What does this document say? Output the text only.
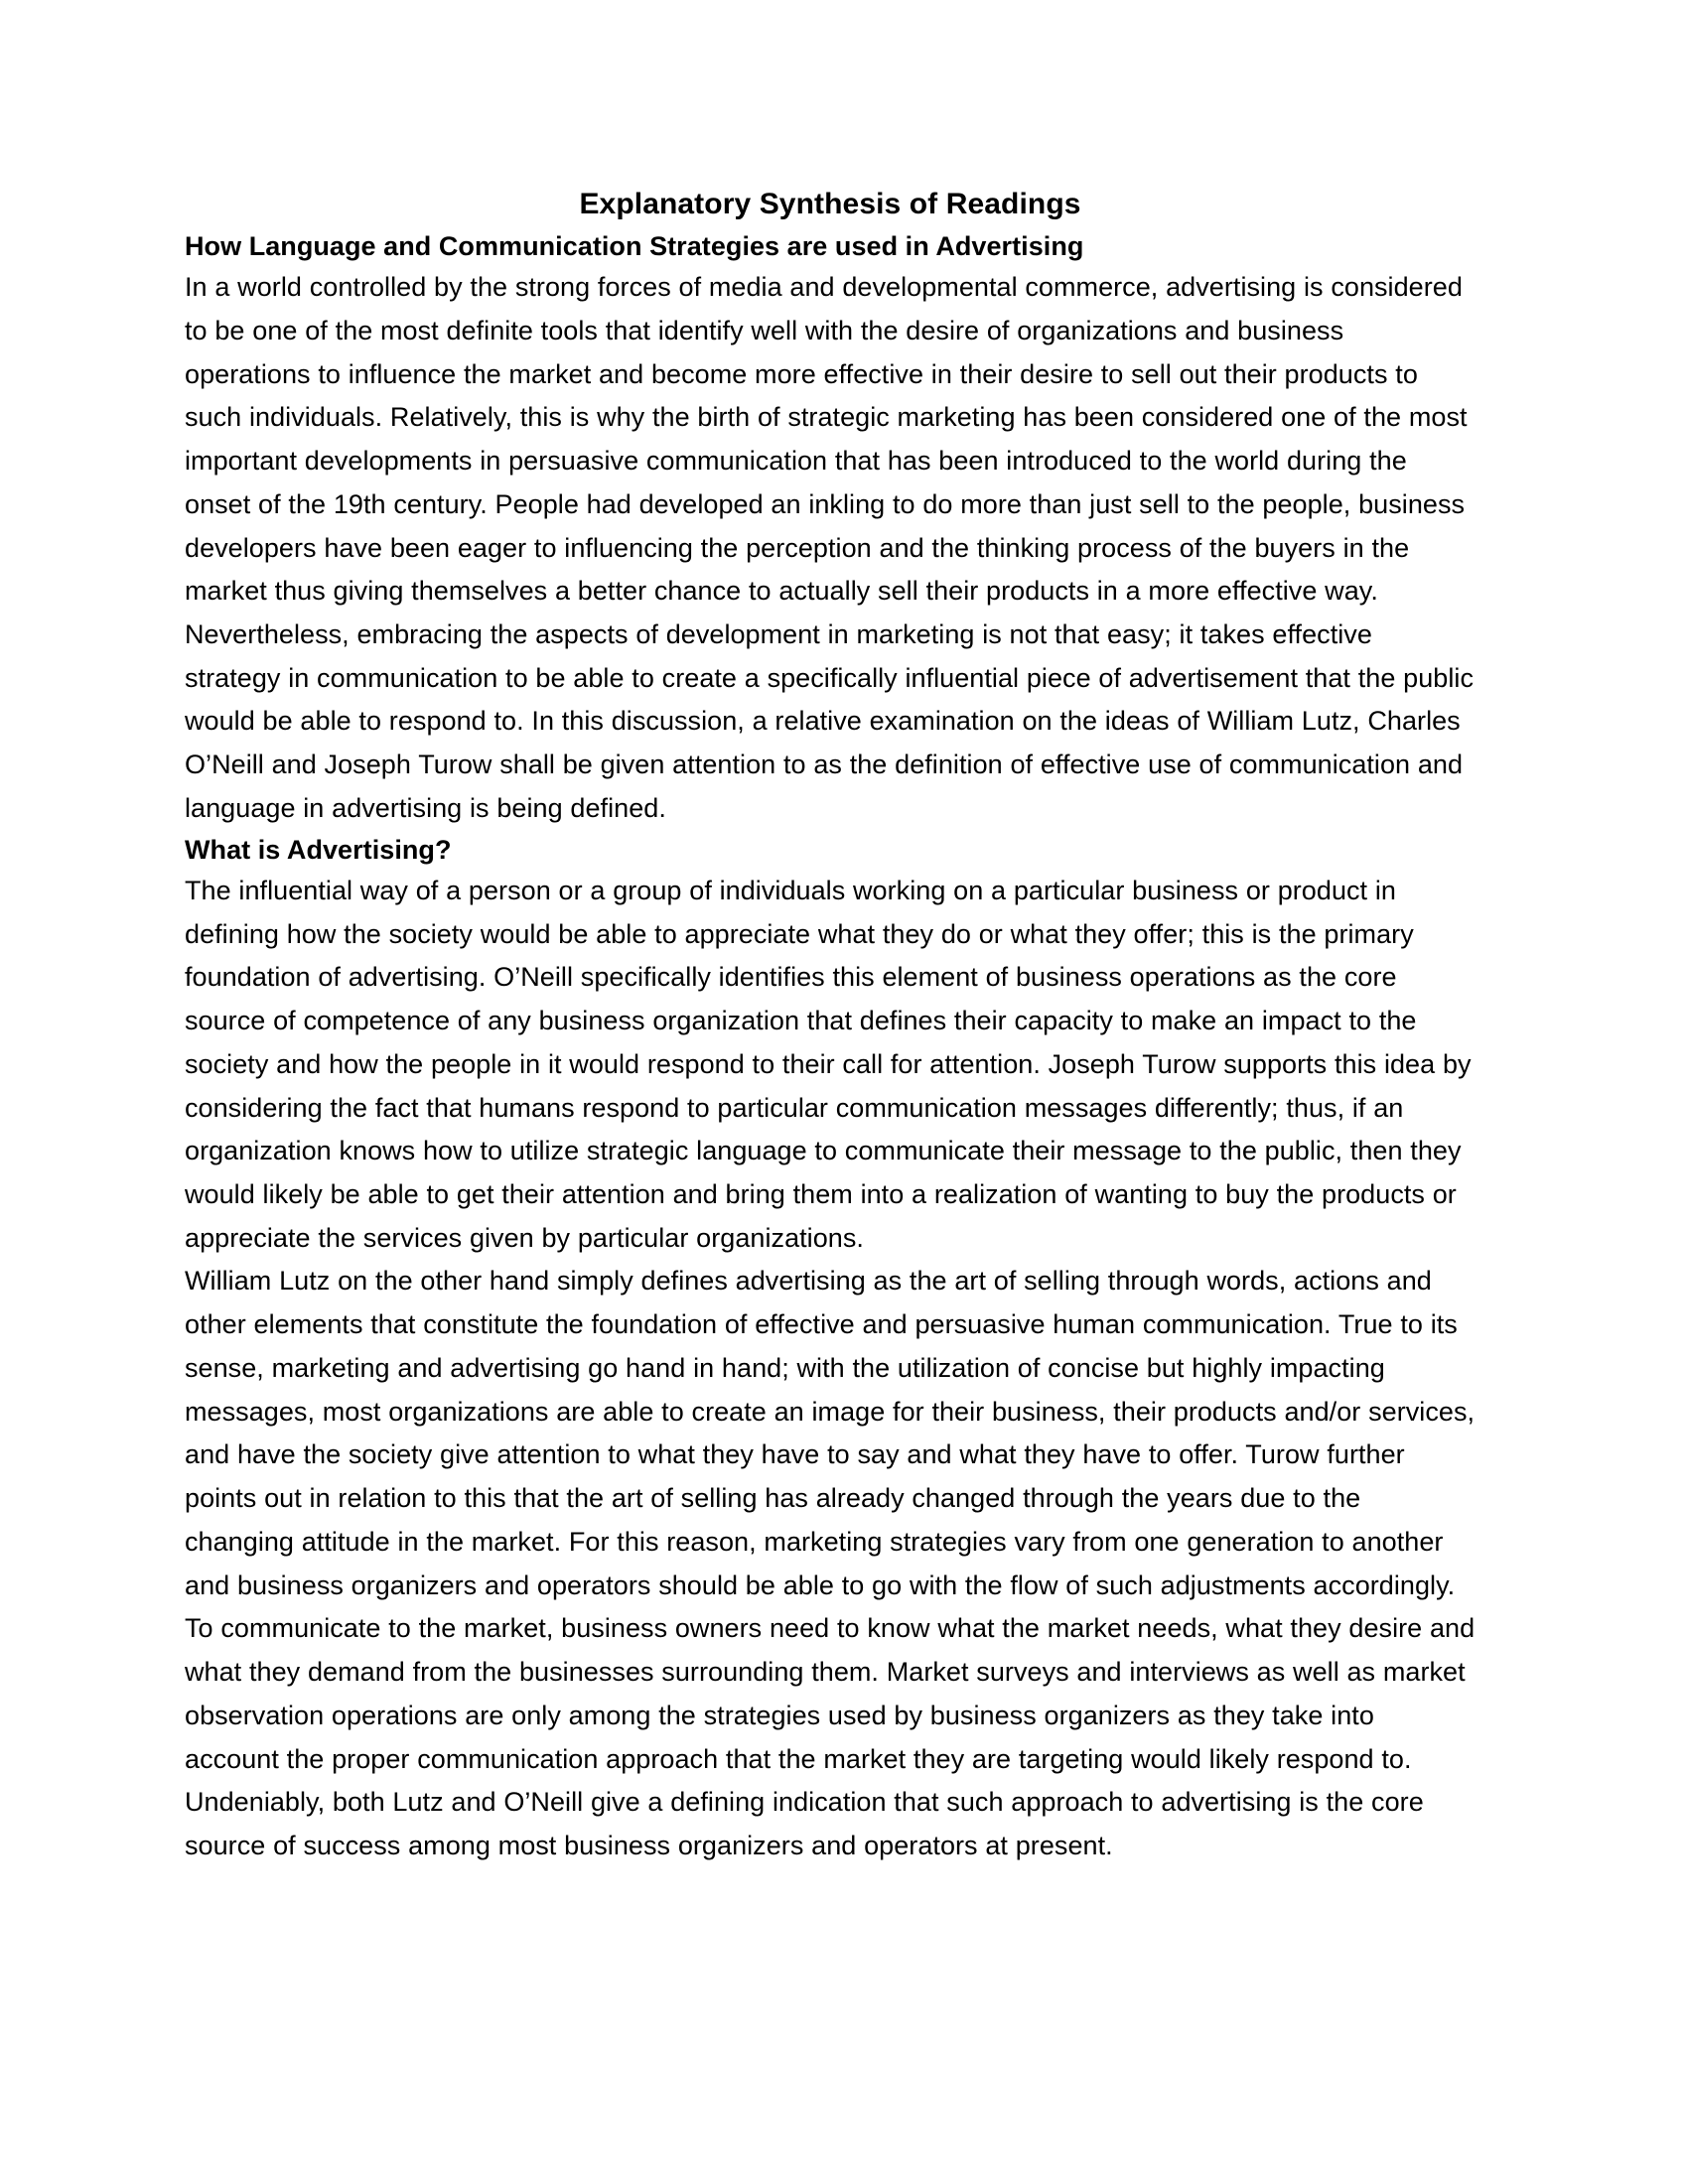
Explanatory Synthesis of Readings
How Language and Communication Strategies are used in Advertising

In a world controlled by the strong forces of media and developmental commerce, advertising is considered to be one of the most definite tools that identify well with the desire of organizations and business operations to influence the market and become more effective in their desire to sell out their products to such individuals. Relatively, this is why the birth of strategic marketing has been considered one of the most important developments in persuasive communication that has been introduced to the world during the onset of the 19th century. People had developed an inkling to do more than just sell to the people, business developers have been eager to influencing the perception and the thinking process of the buyers in the market thus giving themselves a better chance to actually sell their products in a more effective way. Nevertheless, embracing the aspects of development in marketing is not that easy; it takes effective strategy in communication to be able to create a specifically influential piece of advertisement that the public would be able to respond to. In this discussion, a relative examination on the ideas of William Lutz, Charles O’Neill and Joseph Turow shall be given attention to as the definition of effective use of communication and language in advertising is being defined.

What is Advertising?

The influential way of a person or a group of individuals working on a particular business or product in defining how the society would be able to appreciate what they do or what they offer; this is the primary foundation of advertising. O’Neill specifically identifies this element of business operations as the core source of competence of any business organization that defines their capacity to make an impact to the society and how the people in it would respond to their call for attention. Joseph Turow supports this idea by considering the fact that humans respond to particular communication messages differently; thus, if an organization knows how to utilize strategic language to communicate their message to the public, then they would likely be able to get their attention and bring them into a realization of wanting to buy the products or appreciate the services given by particular organizations.

William Lutz on the other hand simply defines advertising as the art of selling through words, actions and other elements that constitute the foundation of effective and persuasive human communication. True to its sense, marketing and advertising go hand in hand; with the utilization of concise but highly impacting messages, most organizations are able to create an image for their business, their products and/or services, and have the society give attention to what they have to say and what they have to offer. Turow further points out in relation to this that the art of selling has already changed through the years due to the changing attitude in the market. For this reason, marketing strategies vary from one generation to another and business organizers and operators should be able to go with the flow of such adjustments accordingly.

To communicate to the market, business owners need to know what the market needs, what they desire and what they demand from the businesses surrounding them. Market surveys and interviews as well as market observation operations are only among the strategies used by business organizers as they take into account the proper communication approach that the market they are targeting would likely respond to. Undeniably, both Lutz and O’Neill give a defining indication that such approach to advertising is the core source of success among most business organizers and operators at present.
